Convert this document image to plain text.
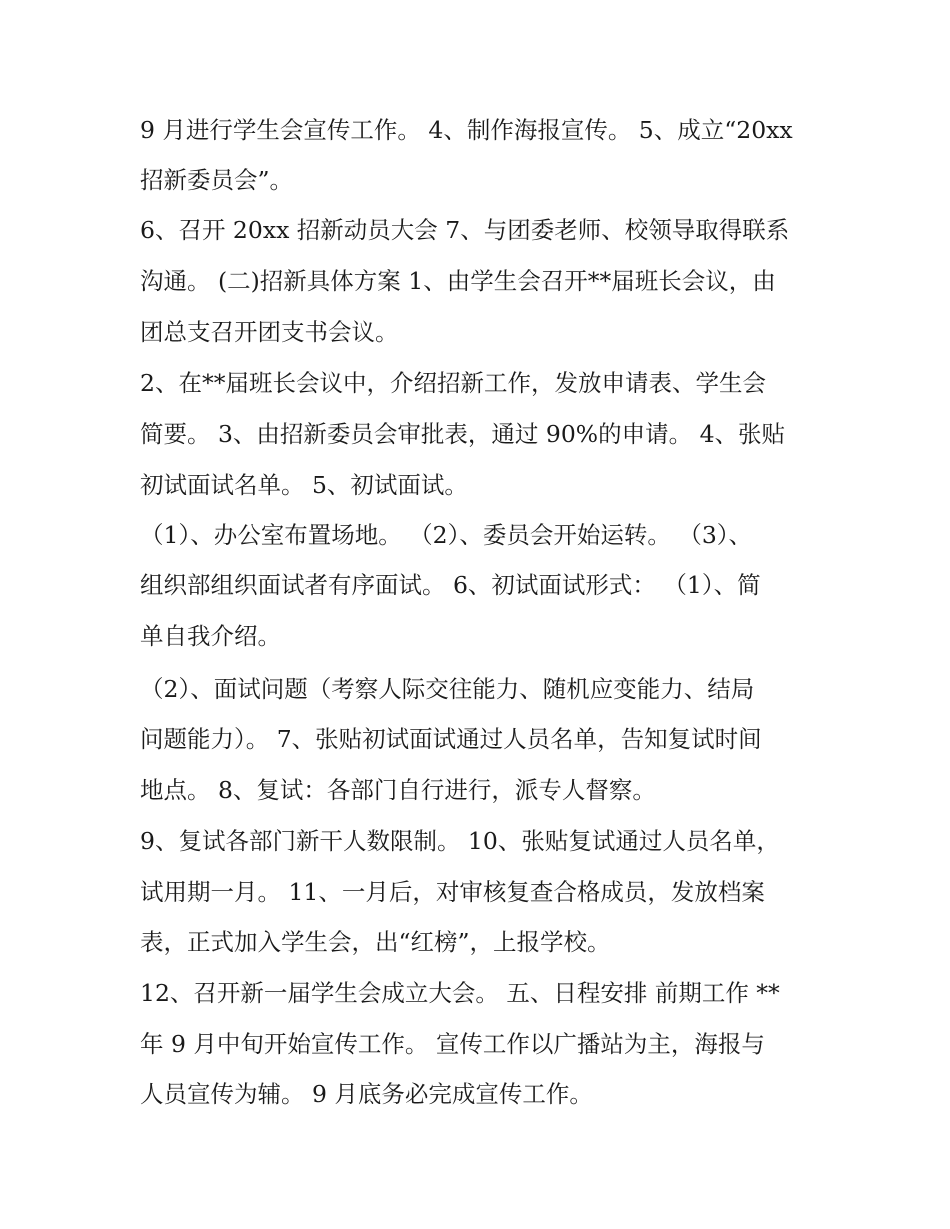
9 月进行学生会宣传工作。 4、制作海报宣传。 5、成立“20xx

招新委员会”。

6、召开 20xx 招新动员大会 7、与团委老师、校领导取得联系

沟通。 (二)招新具体方案 1、由学生会召开**届班长会议，由

团总支召开团支书会议。

2、在**届班长会议中，介绍招新工作，发放申请表、学生会

简要。 3、由招新委员会审批表，通过 90%的申请。 4、张贴

初试面试名单。 5、初试面试。

（1）、办公室布置场地。 （2）、委员会开始运转。 （3）、

组织部组织面试者有序面试。 6、初试面试形式： （1）、简

单自我介绍。

（2）、面试问题（考察人际交往能力、随机应变能力、结局

问题能力）。 7、张贴初试面试通过人员名单，告知复试时间

地点。 8、复试：各部门自行进行，派专人督察。

9、复试各部门新干人数限制。 10、张贴复试通过人员名单，

试用期一月。 11、一月后，对审核复查合格成员，发放档案

表，正式加入学生会，出“红榜”，上报学校。

12、召开新一届学生会成立大会。 五、日程安排 前期工作 **

年 9 月中旬开始宣传工作。 宣传工作以广播站为主，海报与

人员宣传为辅。 9 月底务必完成宣传工作。
